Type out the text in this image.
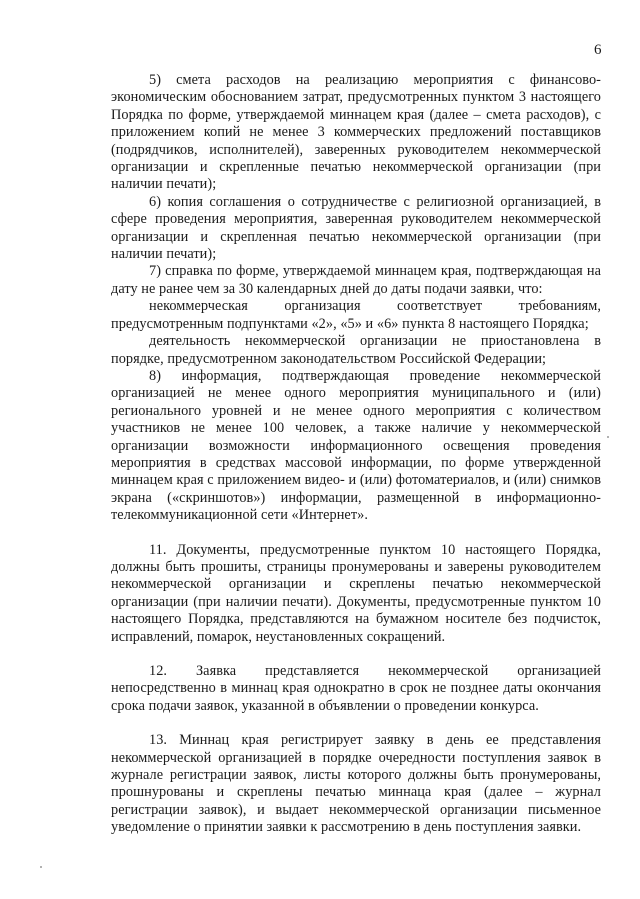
6

5) смета расходов на реализацию мероприятия с финансово-экономическим обоснованием затрат, предусмотренных пунктом 3 настоящего Порядка по форме, утверждаемой миннацем края (далее – смета расходов), с приложением копий не менее 3 коммерческих предложений поставщиков (подрядчиков, исполнителей), заверенных руководителем некоммерческой организации и скрепленные печатью некоммерческой организации (при наличии печати);

6) копия соглашения о сотрудничестве с религиозной организацией, в сфере проведения мероприятия, заверенная руководителем некоммерческой организации и скрепленная печатью некоммерческой организации (при наличии печати);

7) справка по форме, утверждаемой миннацем края, подтверждающая на дату не ранее чем за 30 календарных дней до даты подачи заявки, что:

некоммерческая организация соответствует требованиям, предусмотренным подпунктами «2», «5» и «6» пункта 8 настоящего Порядка;

деятельность некоммерческой организации не приостановлена в порядке, предусмотренном законодательством Российской Федерации;

8) информация, подтверждающая проведение некоммерческой организацией не менее одного мероприятия муниципального и (или) регионального уровней и не менее одного мероприятия с количеством участников не менее 100 человек, а также наличие у некоммерческой организации возможности информационного освещения проведения мероприятия в средствах массовой информации, по форме утвержденной миннацем края с приложением видео- и (или) фотоматериалов, и (или) снимков экрана («скриншотов») информации, размещенной в информационно-телекоммуникационной сети «Интернет».

11. Документы, предусмотренные пунктом 10 настоящего Порядка, должны быть прошиты, страницы пронумерованы и заверены руководителем некоммерческой организации и скреплены печатью некоммерческой организации (при наличии печати). Документы, предусмотренные пунктом 10 настоящего Порядка, представляются на бумажном носителе без подчисток, исправлений, помарок, неустановленных сокращений.

12. Заявка представляется некоммерческой организацией непосредственно в миннац края однократно в срок не позднее даты окончания срока подачи заявок, указанной в объявлении о проведении конкурса.

13. Миннац края регистрирует заявку в день ее представления некоммерческой организацией в порядке очередности поступления заявок в журнале регистрации заявок, листы которого должны быть пронумерованы, прошнурованы и скреплены печатью миннаца края (далее – журнал регистрации заявок), и выдает некоммерческой организации письменное уведомление о принятии заявки к рассмотрению в день поступления заявки.
